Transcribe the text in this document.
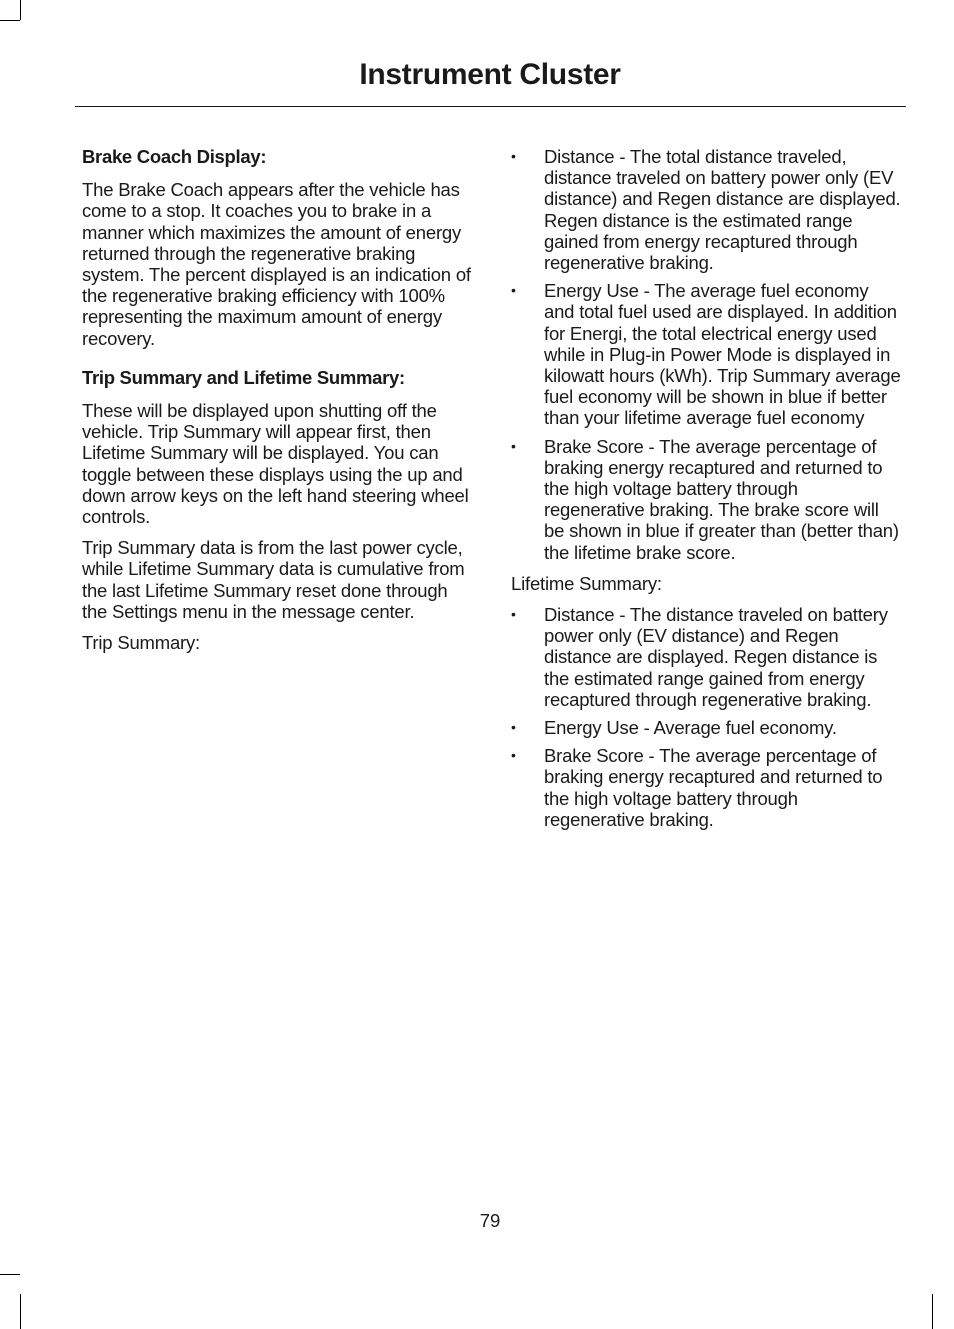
Instrument Cluster
Brake Coach Display:

The Brake Coach appears after the vehicle has come to a stop. It coaches you to brake in a manner which maximizes the amount of energy returned through the regenerative braking system. The percent displayed is an indication of the regenerative braking efficiency with 100% representing the maximum amount of energy recovery.

Trip Summary and Lifetime Summary:

These will be displayed upon shutting off the vehicle. Trip Summary will appear first, then Lifetime Summary will be displayed. You can toggle between these displays using the up and down arrow keys on the left hand steering wheel controls.

Trip Summary data is from the last power cycle, while Lifetime Summary data is cumulative from the last Lifetime Summary reset done through the Settings menu in the message center.

Trip Summary:

• Distance - The total distance traveled, distance traveled on battery power only (EV distance) and Regen distance are displayed. Regen distance is the estimated range gained from energy recaptured through regenerative braking.
• Energy Use - The average fuel economy and total fuel used are displayed. In addition for Energi, the total electrical energy used while in Plug-in Power Mode is displayed in kilowatt hours (kWh). Trip Summary average fuel economy will be shown in blue if better than your lifetime average fuel economy
• Brake Score - The average percentage of braking energy recaptured and returned to the high voltage battery through regenerative braking. The brake score will be shown in blue if greater than (better than) the lifetime brake score.

Lifetime Summary:

• Distance - The distance traveled on battery power only (EV distance) and Regen distance are displayed. Regen distance is the estimated range gained from energy recaptured through regenerative braking.
• Energy Use - Average fuel economy.
• Brake Score - The average percentage of braking energy recaptured and returned to the high voltage battery through regenerative braking.
79
